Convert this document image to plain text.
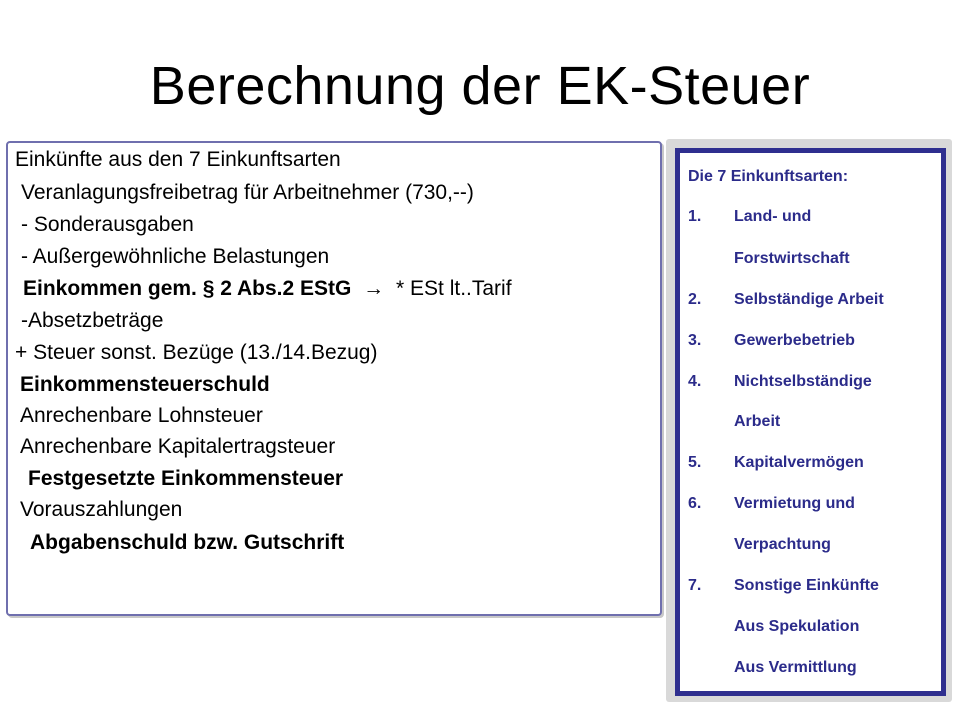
Berechnung der EK-Steuer
Einkünfte aus den 7 Einkunftsarten
Veranlagungsfreibetrag für Arbeitnehmer (730,--)
- Sonderausgaben
- Außergewöhnliche Belastungen
Einkommen gem. § 2 Abs.2 EStG → * ESt lt..Tarif
-Absetzbeträge
+ Steuer sonst. Bezüge (13./14.Bezug)
Einkommensteuerschuld
Anrechenbare Lohnsteuer
Anrechenbare Kapitalertragsteuer
Festgesetzte Einkommensteuer
Vorauszahlungen
Abgabenschuld bzw. Gutschrift
Die 7 Einkunftsarten:
1. Land- und
Forstwirtschaft
2. Selbständige Arbeit
3. Gewerbebetrieb
4. Nichtselbständige
Arbeit
5. Kapitalvermögen
6. Vermietung und
Verpachtung
7. Sonstige Einkünfte
Aus Spekulation
Aus Vermittlung
